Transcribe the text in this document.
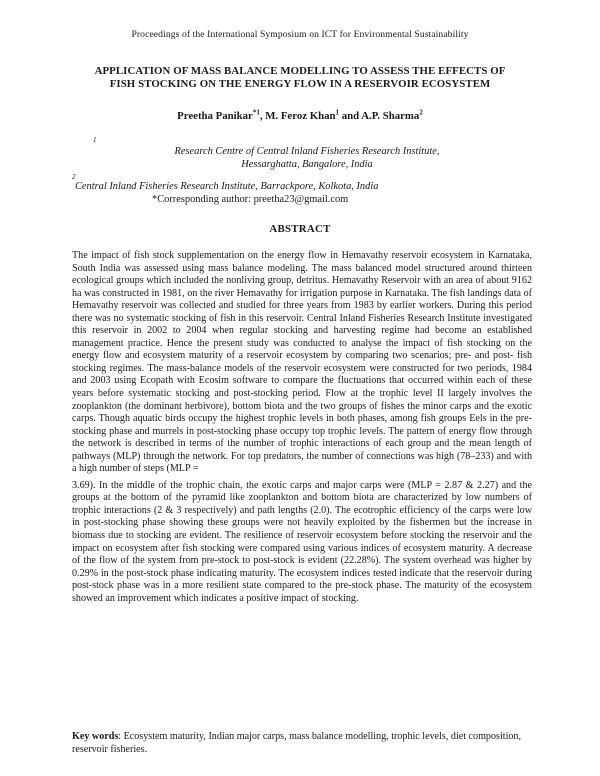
Proceedings of the International Symposium on ICT for Environmental Sustainability
APPLICATION OF MASS BALANCE MODELLING TO ASSESS THE EFFECTS OF
FISH STOCKING ON THE ENERGY FLOW IN A RESERVOIR ECOSYSTEM
Preetha Panikar$^{*1}$, M. Feroz Khan$^1$ and A.P. Sharma$^2$
1
Research Centre of Central Inland Fisheries Research Institute,
Hessarghatta, Bangalore, India
2
Central Inland Fisheries Research Institute, Barrackpore, Kolkota, India
*Corresponding author: preetha23@gmail.com
ABSTRACT

The impact of fish stock supplementation on the energy flow in Hemavathy reservoir ecosystem in Karnataka, South India was assessed using mass balance modeling. The mass balanced model structured around thirteen ecological groups which included the nonliving group, detritus. Hemavathy Reservoir with an area of about 9162 ha was constructed in 1981, on the river Hemavathy for irrigation purpose in Karnataka. The fish landings data of Hemavathy reservoir was collected and studied for three years from 1983 by earlier workers. During this period there was no systematic stocking of fish in this reservoir. Central Inland Fisheries Research Institute investigated this reservoir in 2002 to 2004 when regular stocking and harvesting regime had become an established management practice. Hence the present study was conducted to analyse the impact of fish stocking on the energy flow and ecosystem maturity of a reservoir ecosystem by comparing two scenarios; pre- and post- fish stocking regimes. The mass-balance models of the reservoir ecosystem were constructed for two periods, 1984 and 2003 using Ecopath with Ecosim software to compare the fluctuations that occurred within each of these years before systematic stocking and post-stocking period. Flow at the trophic level II largely involves the zooplankton (the dominant herbivore), bottom biota and the two groups of fishes the minor carps and the exotic carps. Though aquatic birds occupy the highest trophic levels in both phases, among fish groups Eels in the pre-stocking phase and murrels in post-stocking phase occupy top trophic levels. The pattern of energy flow through the network is described in terms of the number of trophic interactions of each group and the mean length of pathways (MLP) through the network. For top predators, the number of connections was high (78–233) and with a high number of steps (MLP =

3.69). In the middle of the trophic chain, the exotic carps and major carps were (MLP = 2.87 & 2.27) and the groups at the bottom of the pyramid like zooplankton and bottom biota are characterized by low numbers of trophic interactions (2 & 3 respectively) and path lengths (2.0). The ecotrophic efficiency of the carps were low in post-stocking phase showing these groups were not heavily exploited by the fishermen but the increase in biomass due to stocking are evident. The resilience of reservoir ecosystem before stocking the reservoir and the impact on ecosystem after fish stocking were compared using various indices of ecosystem maturity. A decrease of the flow of the system from pre-stock to post-stock is evident (22.28%). The system overhead was higher by 0.29% in the post-stock phase indicating maturity. The ecosystem indices tested indicate that the reservoir during post-stock phase was in a more resilient state compared to the pre-stock phase. The maturity of the ecosystem showed an improvement which indicates a positive impact of stocking.

Key words: Ecosystem maturity, Indian major carps, mass balance modelling, trophic levels, diet composition, reservoir fisheries.
